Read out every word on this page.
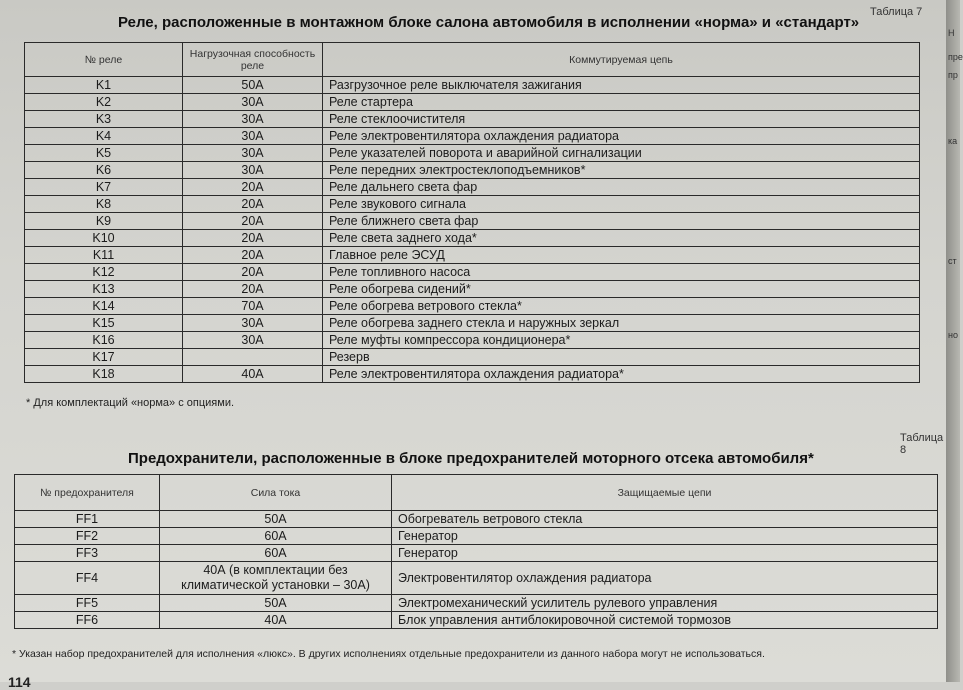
Таблица 7
Реле, расположенные в монтажном блоке салона автомобиля в исполнении «норма» и «стандарт»
№ реле	Нагрузочная способность реле	Коммутируемая цепь
K1	50A	Разгрузочное реле выключателя зажигания
K2	30A	Реле стартера
K3	30A	Реле стеклоочистителя
K4	30A	Реле электровентилятора охлаждения радиатора
K5	30A	Реле указателей поворота и аварийной сигнализации
K6	30A	Реле передних электростеклоподъемников*
K7	20A	Реле дальнего света фар
K8	20A	Реле звукового сигнала
K9	20A	Реле ближнего света фар
K10	20A	Реле света заднего хода*
K11	20A	Главное реле ЭСУД
K12	20A	Реле топливного насоса
K13	20A	Реле обогрева сидений*
K14	70A	Реле обогрева ветрового стекла*
K15	30A	Реле обогрева заднего стекла и наружных зеркал
K16	30A	Реле муфты компрессора кондиционера*
K17		Резерв
K18	40A	Реле электровентилятора охлаждения радиатора*
* Для комплектаций «норма» с опциями.
Таблица 8
Предохранители, расположенные в блоке предохранителей моторного отсека автомобиля*
№ предохранителя	Сила тока	Защищаемые цепи
FF1	50A	Обогреватель ветрового стекла
FF2	60A	Генератор
FF3	60A	Генератор
FF4	40А (в комплектации без климатической установки – 30А)	Электровентилятор охлаждения радиатора
FF5	50A	Электромеханический усилитель рулевого управления
FF6	40A	Блок управления антиблокировочной системой тормозов
* Указан набор предохранителей для исполнения «люкс». В других исполнениях отдельные предохранители из данного набора могут не использоваться.
114
Н
пре
пр
ка
ст
но
